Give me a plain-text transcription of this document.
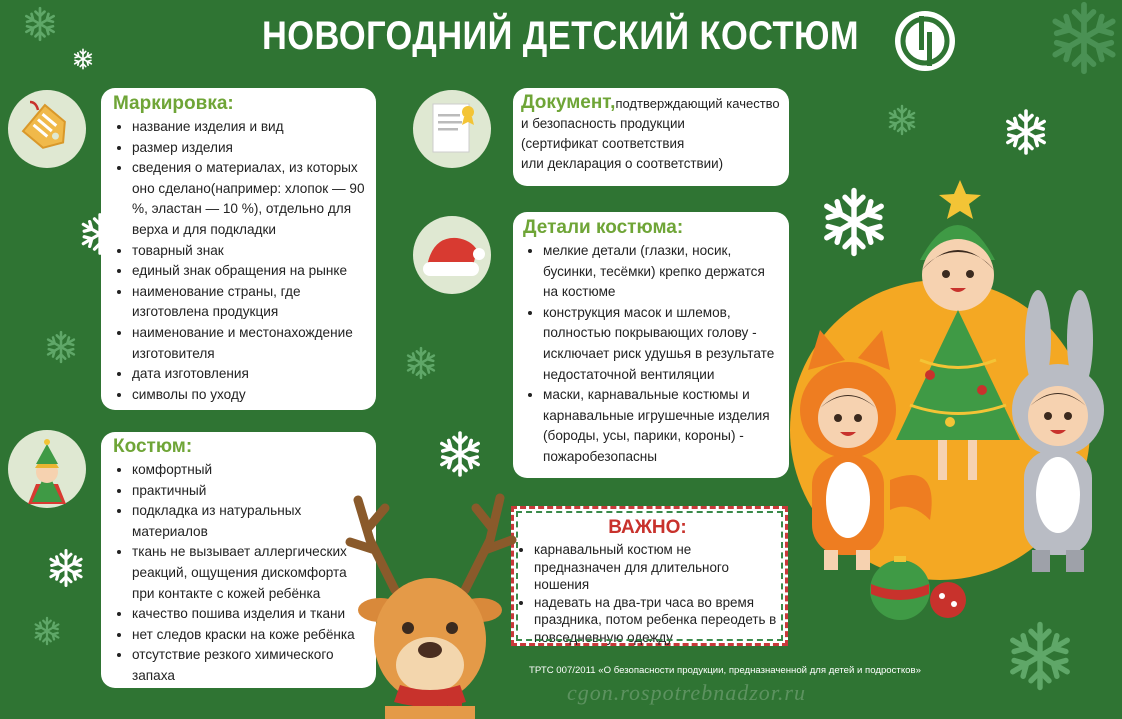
НОВОГОДНИЙ ДЕТСКИЙ КОСТЮМ
Маркировка:
• название изделия и вид
• размер изделия
• сведения о материалах, из которых оно сделано(например: хлопок — 90 %, эластан — 10 %), отдельно для верха и для подкладки
• товарный знак
• единый знак обращения на рынке
• наименование страны, где изготовлена продукция
• наименование и местонахождение изготовителя
• дата изготовления
• символы по уходу
Костюм:
• комфортный
• практичный
• подкладка из натуральных материалов
• ткань не вызывает аллергических реакций, ощущения дискомфорта при контакте с кожей ребёнка
• качество пошива изделия и ткани
• нет следов краски на коже ребёнка
• отсутствие резкого химического запаха
Документ,подтверждающий качество
и безопасность продукции
(сертификат соответствия
или декларация о соответствии)
Детали костюма:
• мелкие детали (глазки, носик, бусинки, тесёмки) крепко держатся на костюме
• конструкция масок и шлемов, полностью покрывающих голову - исключает риск удушья в результате недостаточной вентиляции
• маски, карнавальные костюмы и карнавальные игрушечные изделия (бороды, усы, парики, короны) - пожаробезопасны
ВАЖНО:
• карнавальный костюм не предназначен для длительного ношения
• надевать на два-три часа во время праздника, потом ребенка переодеть в повседневную одежду
ТРТС 007/2011 «О безопасности продукции, предназначенной для детей и подростков»
cgon.rospotrebnadzor.ru
